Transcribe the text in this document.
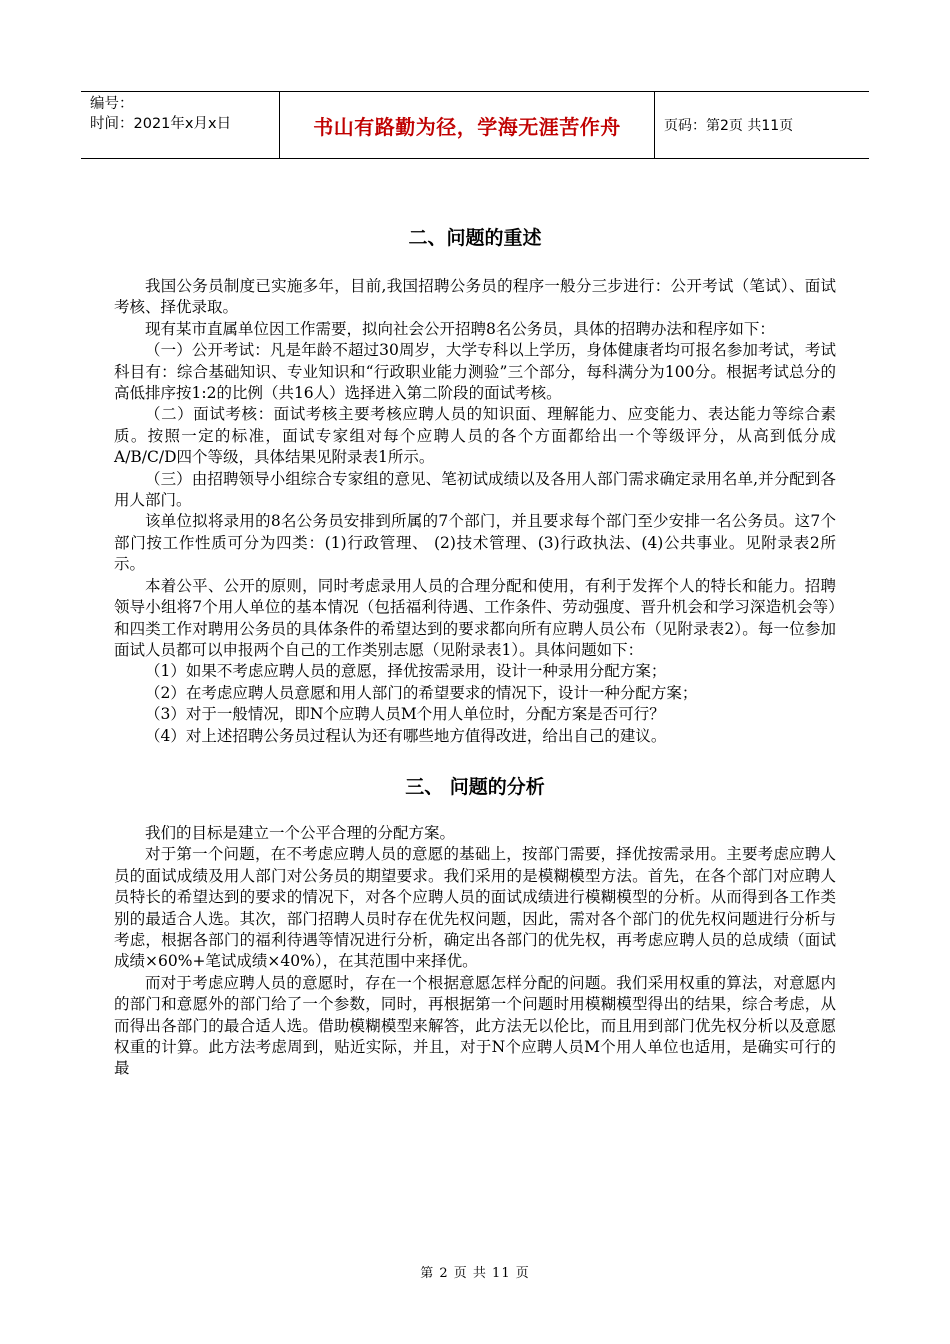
编号：
时间：2021年x月x日	书山有路勤为径，学海无涯苦作舟	页码：第2页 共11页
二、问题的重述

我国公务员制度已实施多年，目前,我国招聘公务员的程序一般分三步进行：公开考试（笔试）、面试考核、择优录取。

现有某市直属单位因工作需要，拟向社会公开招聘8名公务员，具体的招聘办法和程序如下：

（一）公开考试：凡是年龄不超过30周岁，大学专科以上学历，身体健康者均可报名参加考试，考试科目有：综合基础知识、专业知识和“行政职业能力测验”三个部分，每科满分为100分。根据考试总分的高低排序按1:2的比例（共16人）选择进入第二阶段的面试考核。

（二）面试考核：面试考核主要考核应聘人员的知识面、理解能力、应变能力、表达能力等综合素质。按照一定的标准，面试专家组对每个应聘人员的各个方面都给出一个等级评分，从高到低分成A/B/C/D四个等级，具体结果见附录表1所示。

（三）由招聘领导小组综合专家组的意见、笔初试成绩以及各用人部门需求确定录用名单,并分配到各用人部门。

该单位拟将录用的8名公务员安排到所属的7个部门，并且要求每个部门至少安排一名公务员。这7个部门按工作性质可分为四类：(1)行政管理、 (2)技术管理、(3)行政执法、(4)公共事业。见附录表2所示。

本着公平、公开的原则，同时考虑录用人员的合理分配和使用，有利于发挥个人的特长和能力。招聘领导小组将7个用人单位的基本情况（包括福利待遇、工作条件、劳动强度、晋升机会和学习深造机会等）和四类工作对聘用公务员的具体条件的希望达到的要求都向所有应聘人员公布（见附录表2）。每一位参加面试人员都可以申报两个自己的工作类别志愿（见附录表1）。具体问题如下：

（1）如果不考虑应聘人员的意愿，择优按需录用，设计一种录用分配方案；

（2）在考虑应聘人员意愿和用人部门的希望要求的情况下，设计一种分配方案；

（3）对于一般情况，即N个应聘人员M个用人单位时，分配方案是否可行？

（4）对上述招聘公务员过程认为还有哪些地方值得改进，给出自己的建议。

三、 问题的分析

我们的目标是建立一个公平合理的分配方案。

对于第一个问题，在不考虑应聘人员的意愿的基础上，按部门需要，择优按需录用。主要考虑应聘人员的面试成绩及用人部门对公务员的期望要求。我们采用的是模糊模型方法。首先，在各个部门对应聘人员特长的希望达到的要求的情况下，对各个应聘人员的面试成绩进行模糊模型的分析。从而得到各工作类别的最适合人选。其次，部门招聘人员时存在优先权问题，因此，需对各个部门的优先权问题进行分析与考虑，根据各部门的福利待遇等情况进行分析，确定出各部门的优先权，再考虑应聘人员的总成绩（面试成绩×60%+笔试成绩×40%），在其范围中来择优。

而对于考虑应聘人员的意愿时，存在一个根据意愿怎样分配的问题。我们采用权重的算法，对意愿内的部门和意愿外的部门给了一个参数，同时，再根据第一个问题时用模糊模型得出的结果，综合考虑，从而得出各部门的最合适人选。借助模糊模型来解答，此方法无以伦比，而且用到部门优先权分析以及意愿权重的计算。此方法考虑周到，贴近实际，并且，对于N个应聘人员M个用人单位也适用，是确实可行的最

第 2 页 共 11 页
